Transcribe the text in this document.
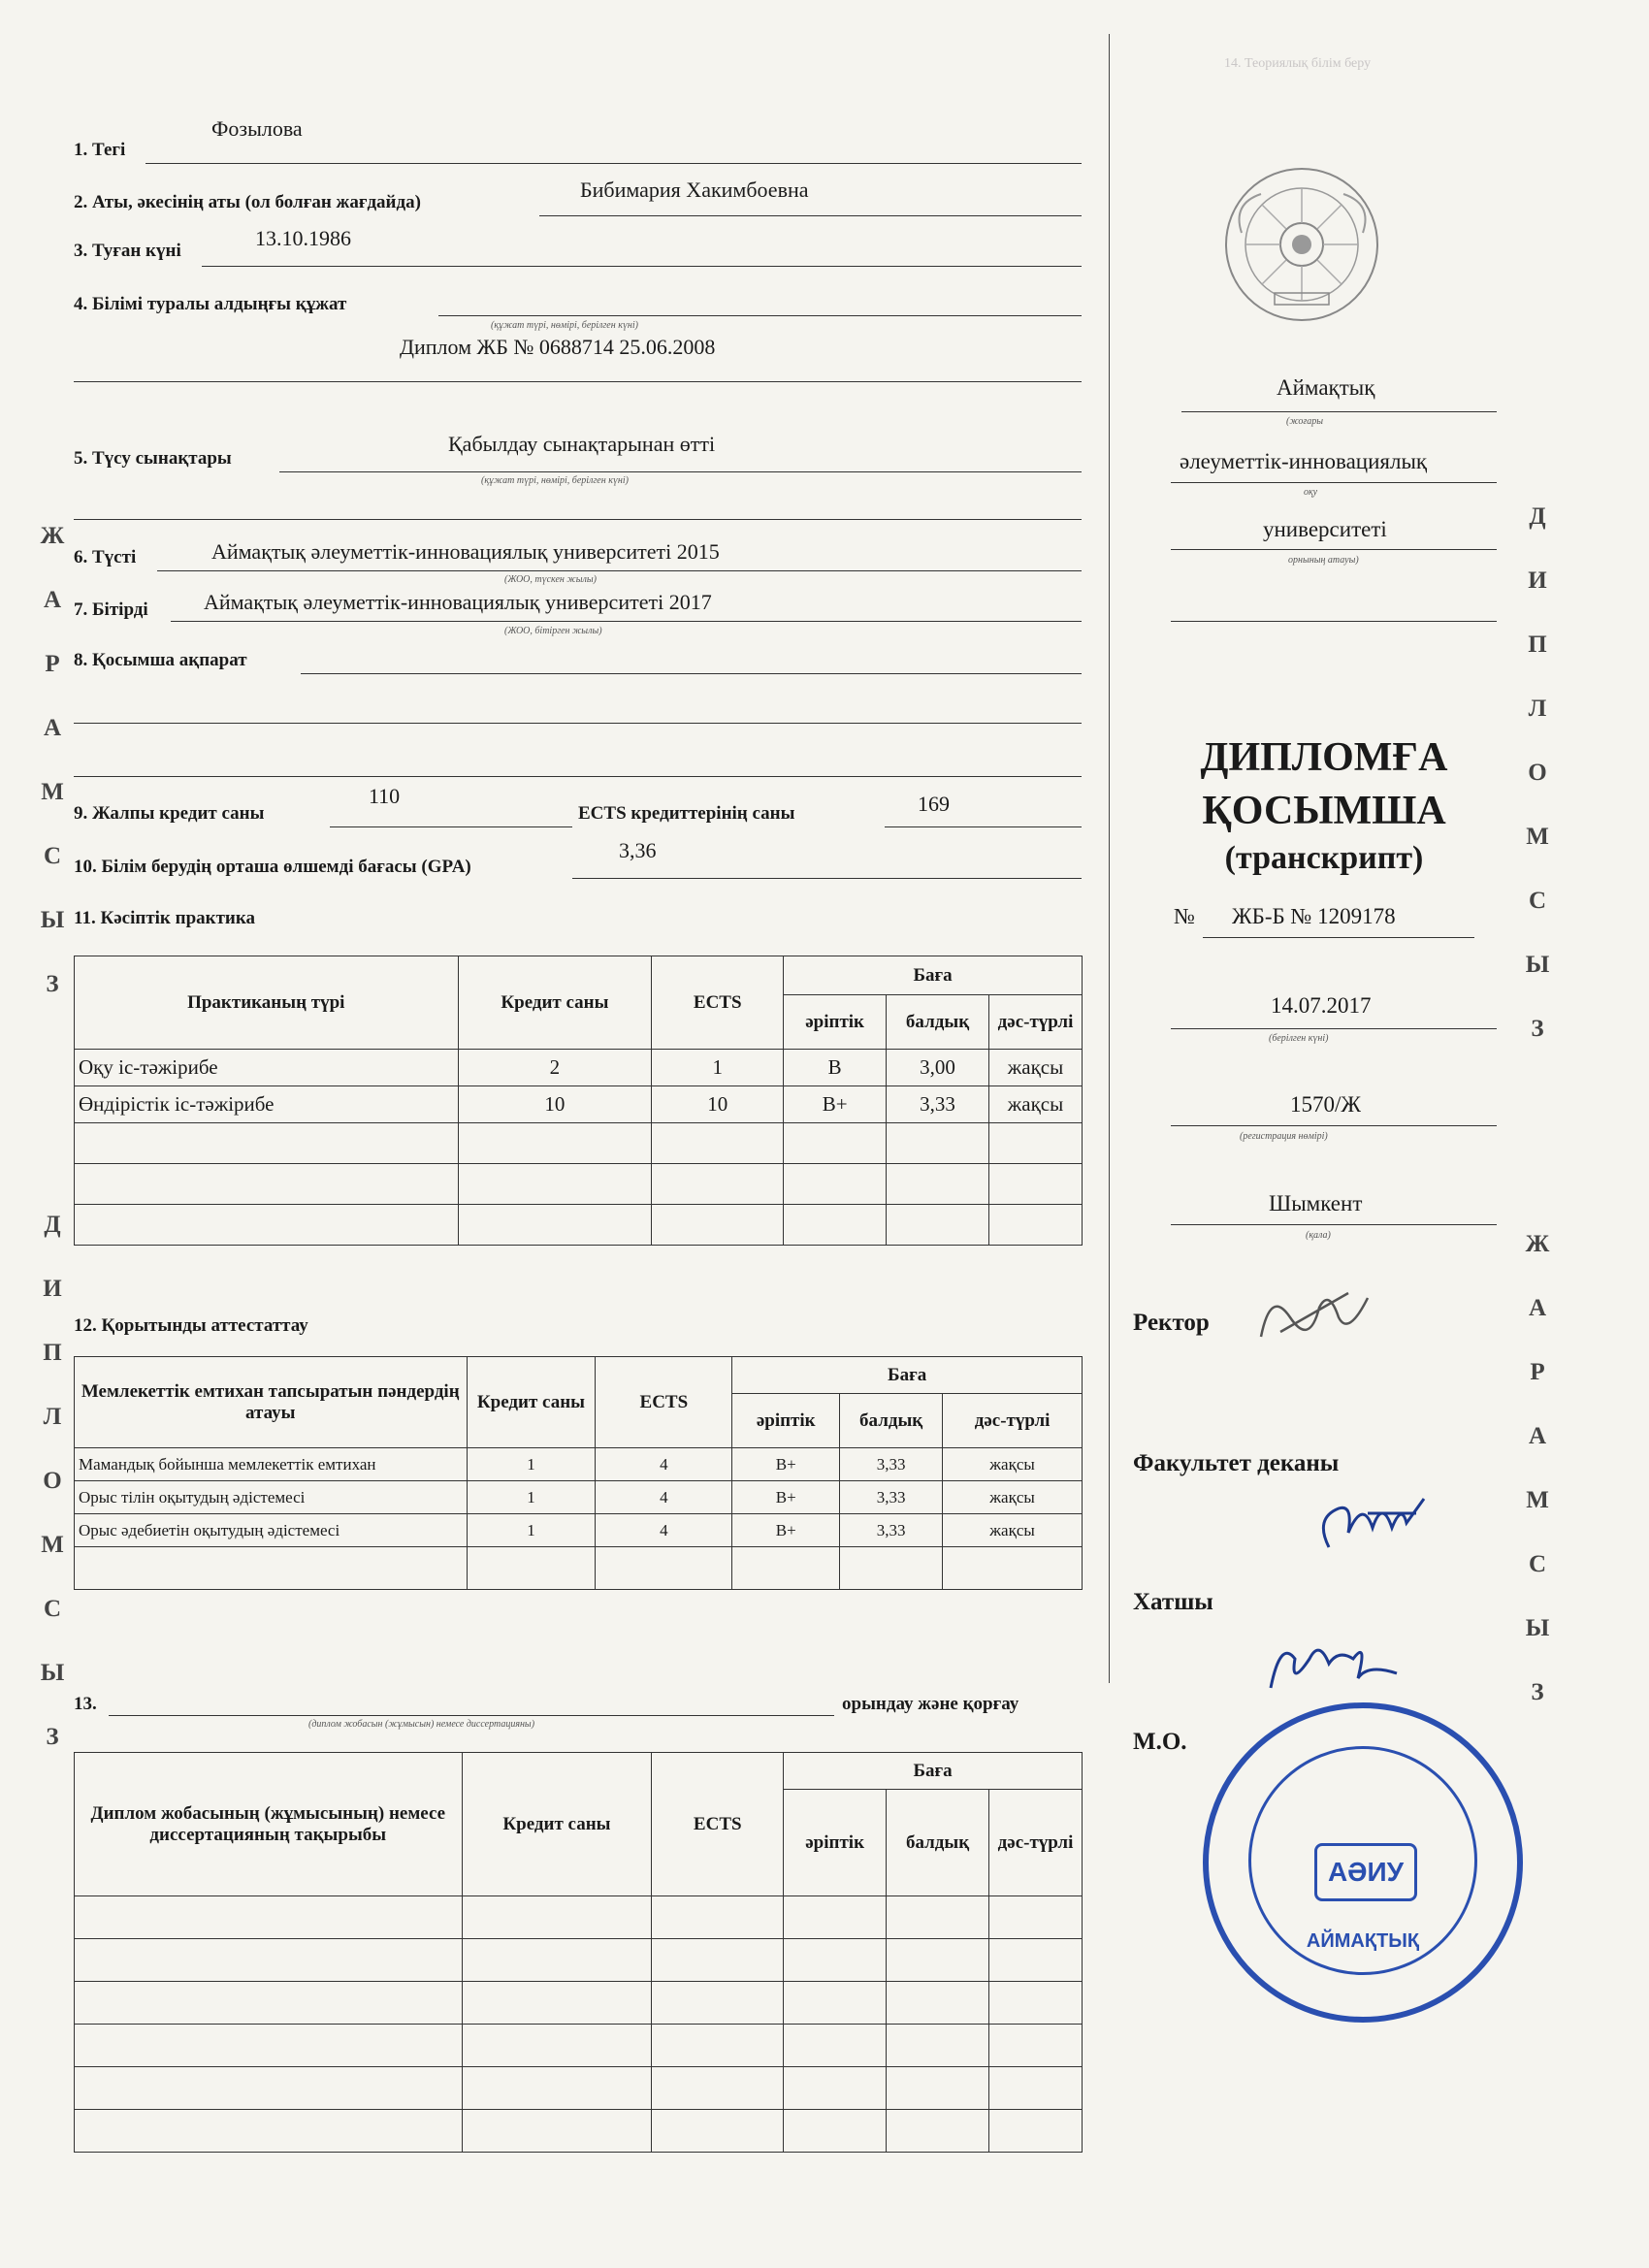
14. Теориялық білім беру
Фозылова
1. Тегі
Бибимария Хакимбоевна
2. Аты, әкесінің аты (ол болған жағдайда)
13.10.1986
3. Туған күні
4. Білімі туралы алдыңғы құжат
(құжат түрі, нөмірі, берілген күні)
Диплом ЖБ № 0688714 25.06.2008
Қабылдау сынақтарынан өтті
5. Түсу сынақтары
(құжат түрі, нөмірі, берілген күні)
Аймақтық әлеуметтік-инновациялық университеті 2015
6. Түсті
(ЖОО, түскен жылы)
Аймақтық әлеуметтік-инновациялық университеті 2017
7. Бітірді
(ЖОО, бітірген жылы)
8. Қосымша ақпарат
110
9. Жалпы кредит саны	ECTS кредиттерінің саны	169
3,36
10. Білім берудің орташа өлшемді бағасы (GPA)
11. Кәсіптік практика
Практиканың түрі	Кредит саны	ECTS	Баға		
			әріптік	балдық	дәс-түрлі
Оқу іс-тәжірибе	2	1	B	3,00	жақсы
Өндірістік іс-тәжірибе	10	10	B+	3,33	жақсы

12. Қорытынды аттестаттау
Мемлекеттік емтихан тапсыратын пәндердің атауы	Кредит саны	ECTS	Баға		
			әріптік	балдық	дәс-түрлі
Мамандық бойынша мемлекеттік емтихан	1	4	B+	3,33	жақсы
Орыс тілін оқытудың әдістемесі	1	4	B+	3,33	жақсы
Орыс әдебиетін оқытудың әдістемесі	1	4	B+	3,33	жақсы

13.	орындау және қорғау
(диплом жобасын (жұмысын) немесе диссертацияны)
Диплом жобасының (жұмысының) немесе диссертацияның тақырыбы	Кредит саны	ECTS	Баға		
			әріптік	балдық	дәс-түрлі

Ж
А
Р
А
М
С
Ы
З
Д
И
П
Л
О
М
С
Ы
З
Д
И
П
Л
О
М
С
Ы
З
Ж
А
Р
А
М
С
Ы
З
Аймақтық
(жоғары
әлеуметтік-инновациялық
оқу
университеті
орнының атауы)
ДИПЛОМҒА
ҚОСЫМША
(транскрипт)
№ ЖБ-Б № 1209178
14.07.2017
(берілген күні)
1570/Ж
(регистрация нөмірі)
Шымкент
(қала)
Ректор
Факультет деканы
Хатшы
М.О.
АӘИУ
АЙМАҚТЫҚ
